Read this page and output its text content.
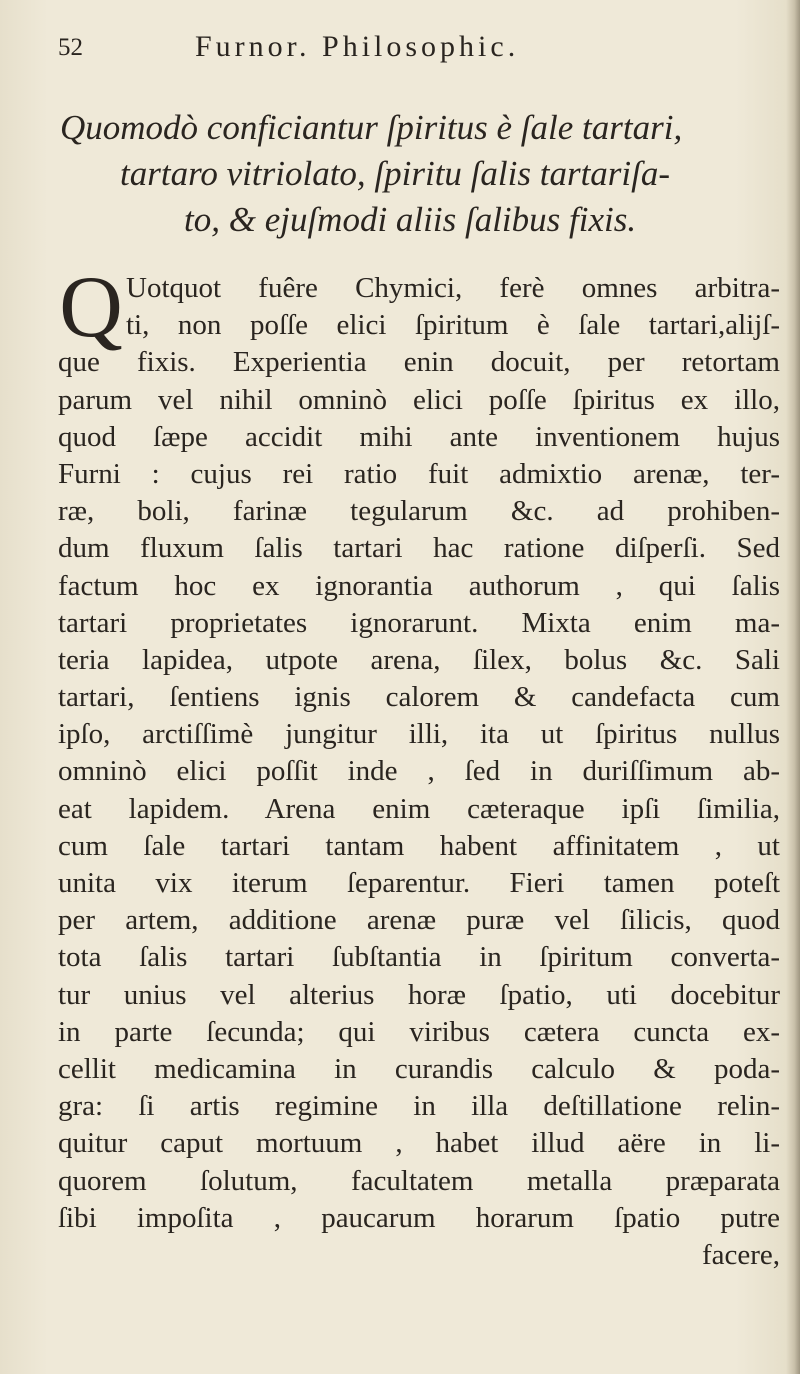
52	Furnor. Philosophic.
Quomodò conficiantur ſpiritus è ſale tartari,
tartaro vitriolato, ſpiritu ſalis tartariſa-
to, & ejuſmodi aliis ſalibus fixis.
Q Uotquot fuêre Chymici, ferè omnes arbitra-
ti, non poſſe elici ſpiritum è ſale tartari,alijſ-
que fixis. Experientia enin docuit, per retortam
parum vel nihil omninò elici poſſe ſpiritus ex illo,
quod ſæpe accidit mihi ante inventionem hujus
Furni : cujus rei ratio fuit admixtio arenæ, ter-
ræ, boli, farinæ tegularum &c. ad prohiben-
dum fluxum ſalis tartari hac ratione diſperſi. Sed
factum hoc ex ignorantia authorum , qui ſalis
tartari proprietates ignorarunt. Mixta enim ma-
teria lapidea, utpote arena, ſilex, bolus &c. Sali
tartari, ſentiens ignis calorem & candefacta cum
ipſo, arctiſſimè jungitur illi, ita ut ſpiritus nullus
omninò elici poſſit inde , ſed in duriſſimum ab-
eat lapidem. Arena enim cæteraque ipſi ſimilia,
cum ſale tartari tantam habent affinitatem , ut
unita vix iterum ſeparentur. Fieri tamen poteſt
per artem, additione arenæ puræ vel ſilicis, quod
tota ſalis tartari ſubſtantia in ſpiritum converta-
tur unius vel alterius horæ ſpatio, uti docebitur
in parte ſecunda; qui viribus cætera cuncta ex-
cellit medicamina in curandis calculo & poda-
gra: ſi artis regimine in illa deſtillatione relin-
quitur caput mortuum , habet illud aëre in li-
quorem ſolutum, facultatem metalla præparata
ſibi impoſita , paucarum horarum ſpatio putre
facere,
